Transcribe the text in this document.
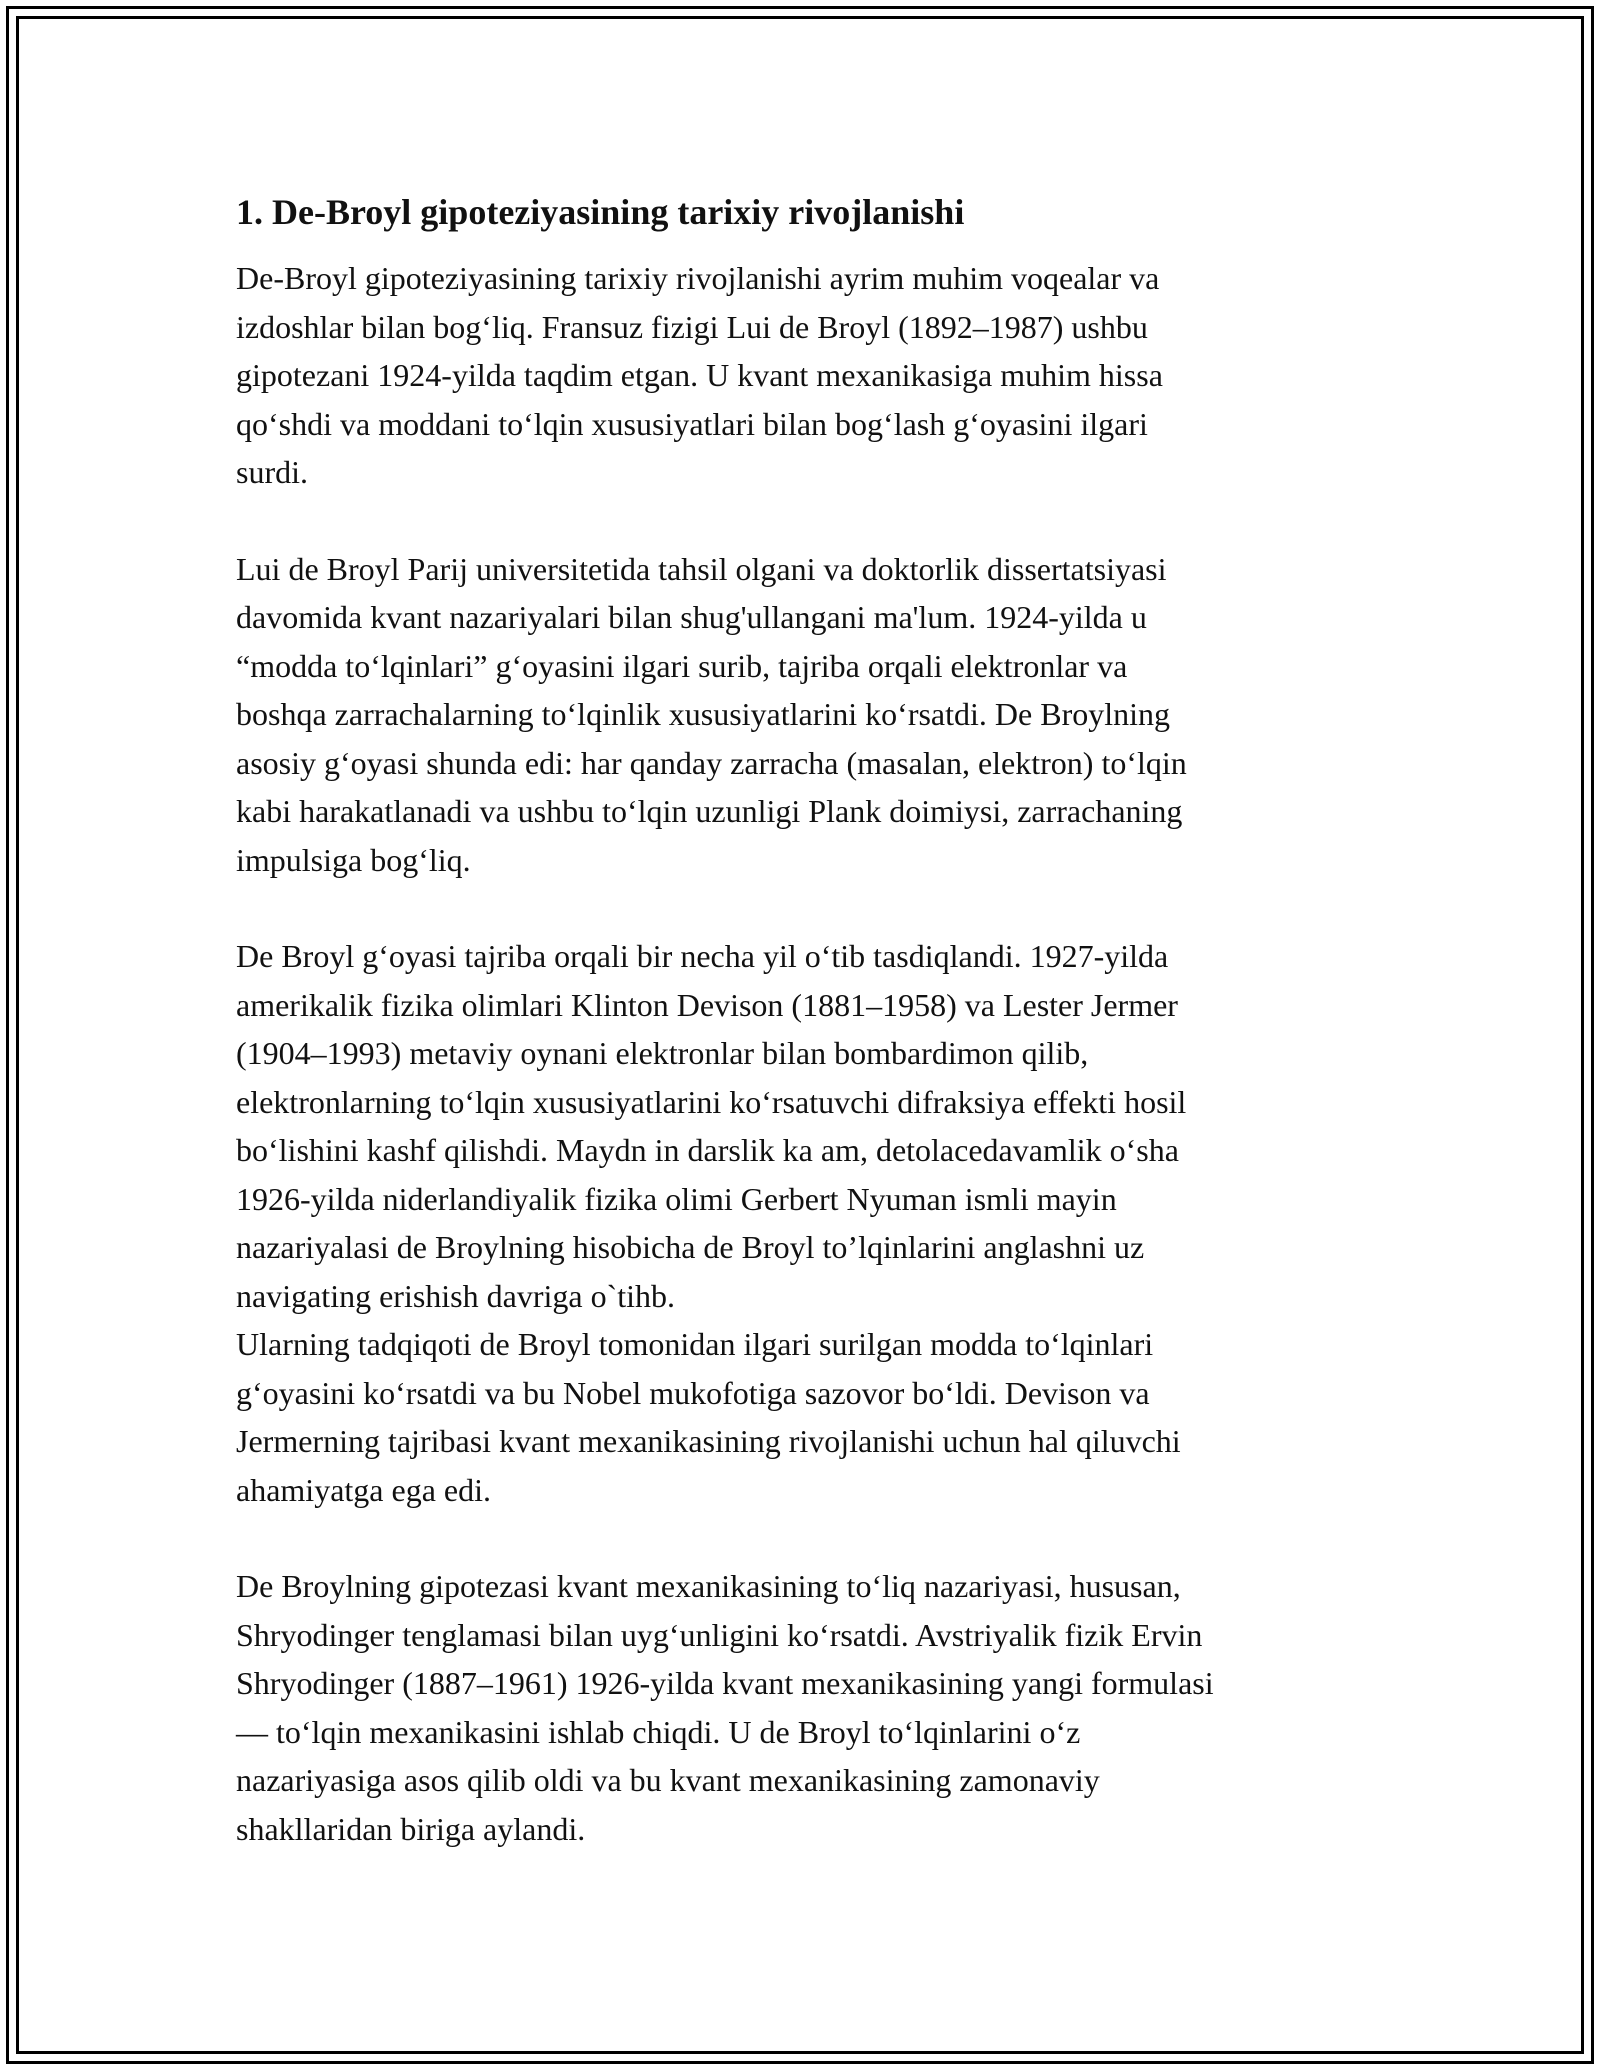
1. De-Broyl gipoteziyasining tarixiy rivojlanishi

De-Broyl gipoteziyasining tarixiy rivojlanishi ayrim muhim voqealar va
izdoshlar bilan bog‘liq. Fransuz fizigi Lui de Broyl (1892–1987) ushbu
gipotezani 1924-yilda taqdim etgan. U kvant mexanikasiga muhim hissa
qo‘shdi va moddani to‘lqin xususiyatlari bilan bog‘lash g‘oyasini ilgari
surdi.

Lui de Broyl Parij universitetida tahsil olgani va doktorlik dissertatsiyasi
davomida kvant nazariyalari bilan shug'ullangani ma'lum. 1924-yilda u
“modda to‘lqinlari” g‘oyasini ilgari surib, tajriba orqali elektronlar va
boshqa zarrachalarning to‘lqinlik xususiyatlarini ko‘rsatdi. De Broylning
asosiy g‘oyasi shunda edi: har qanday zarracha (masalan, elektron) to‘lqin
kabi harakatlanadi va ushbu to‘lqin uzunligi Plank doimiysi, zarrachaning
impulsiga bog‘liq.

De Broyl g‘oyasi tajriba orqali bir necha yil o‘tib tasdiqlandi. 1927-yilda
amerikalik fizika olimlari Klinton Devison (1881–1958) va Lester Jermer
(1904–1993) metaviy oynani elektronlar bilan bombardimon qilib,
elektronlarning to‘lqin xususiyatlarini ko‘rsatuvchi difraksiya effekti hosil
bo‘lishini kashf qilishdi. Maydn in darslik ka am, detolacedavamlik o‘sha
1926-yilda niderlandiyalik fizika olimi Gerbert Nyuman ismli mayin
nazariyalasi de Broylning hisobicha de Broyl to’lqinlarini anglashni uz
navigating erishish davriga o`tihb.
Ularning tadqiqoti de Broyl tomonidan ilgari surilgan modda to‘lqinlari
g‘oyasini ko‘rsatdi va bu Nobel mukofotiga sazovor bo‘ldi. Devison va
Jermerning tajribasi kvant mexanikasining rivojlanishi uchun hal qiluvchi
ahamiyatga ega edi.

De Broylning gipotezasi kvant mexanikasining to‘liq nazariyasi, hususan,
Shryodinger tenglamasi bilan uyg‘unligini ko‘rsatdi. Avstriyalik fizik Ervin
Shryodinger (1887–1961) 1926-yilda kvant mexanikasining yangi formulasi
— to‘lqin mexanikasini ishlab chiqdi. U de Broyl to‘lqinlarini o‘z
nazariyasiga asos qilib oldi va bu kvant mexanikasining zamonaviy
shakllaridan biriga aylandi.
